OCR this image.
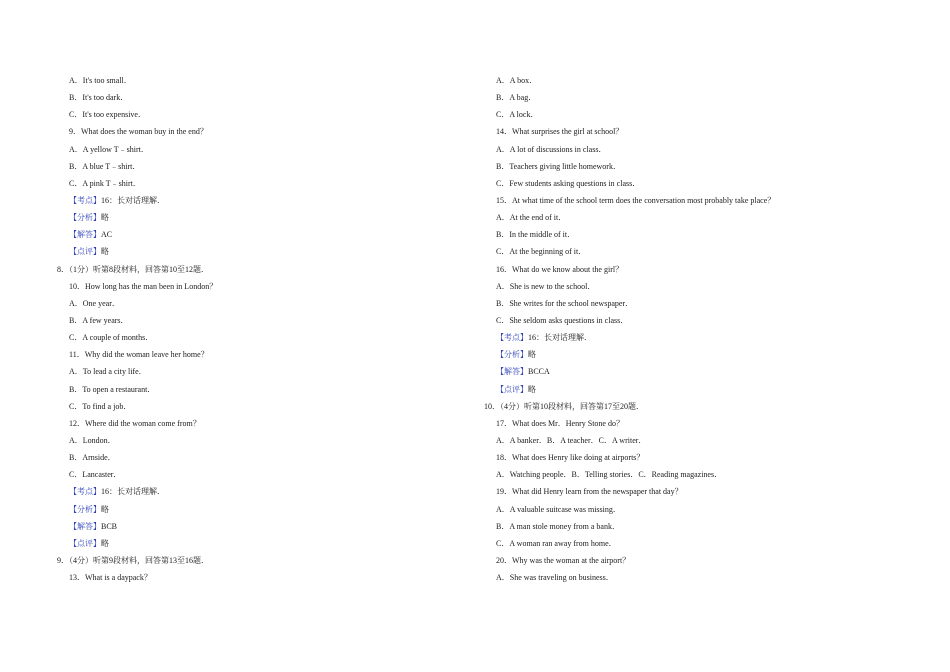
A．It's too small．
B．It's too dark．
C．It's too expensive．
9．What does the woman buy in the end？
A．A yellow T﹣shirt．
B．A blue T﹣shirt．
C．A pink T﹣shirt．
【考点】16：长对话理解．
【分析】略
【解答】AC
【点评】略
8．（1分）听第8段材料，回答第10至12题．
10．How long has the man been in London？
A．One year．
B．A few years．
C．A couple of months．
11．Why did the woman leave her home？
A．To lead a city life．
B．To open a restaurant．
C．To find a job．
12．Where did the woman come from？
A．London．
B．Arnside．
C．Lancaster．
【考点】16：长对话理解．
【分析】略
【解答】BCB
【点评】略
9．（4分）听第9段材料，回答第13至16题．
13．What is a daypack？
A．A box．
B．A bag．
C．A lock．
14．What surprises the girl at school？
A．A lot of discussions in class．
B．Teachers giving little homework．
C．Few students asking questions in class．
15．At what time of the school term does the conversation most probably take place？
A．At the end of it．
B．In the middle of it．
C．At the beginning of it．
16．What do we know about the girl？
A．She is new to the school．
B．She writes for the school newspaper．
C．She seldom asks questions in class．
【考点】16：长对话理解．
【分析】略
【解答】BCCA
【点评】略
10．（4分）听第10段材料，回答第17至20题．
17．What does Mr．Henry Stone do？
A．A banker．B．A teacher．C．A writer．
18．What does Henry like doing at airports？
A．Watching people．B．Telling stories．C．Reading magazines．
19．What did Henry learn from the newspaper that day？
A．A valuable suitcase was missing．
B．A man stole money from a bank．
C．A woman ran away from home．
20．Why was the woman at the airport？
A．She was traveling on business．
